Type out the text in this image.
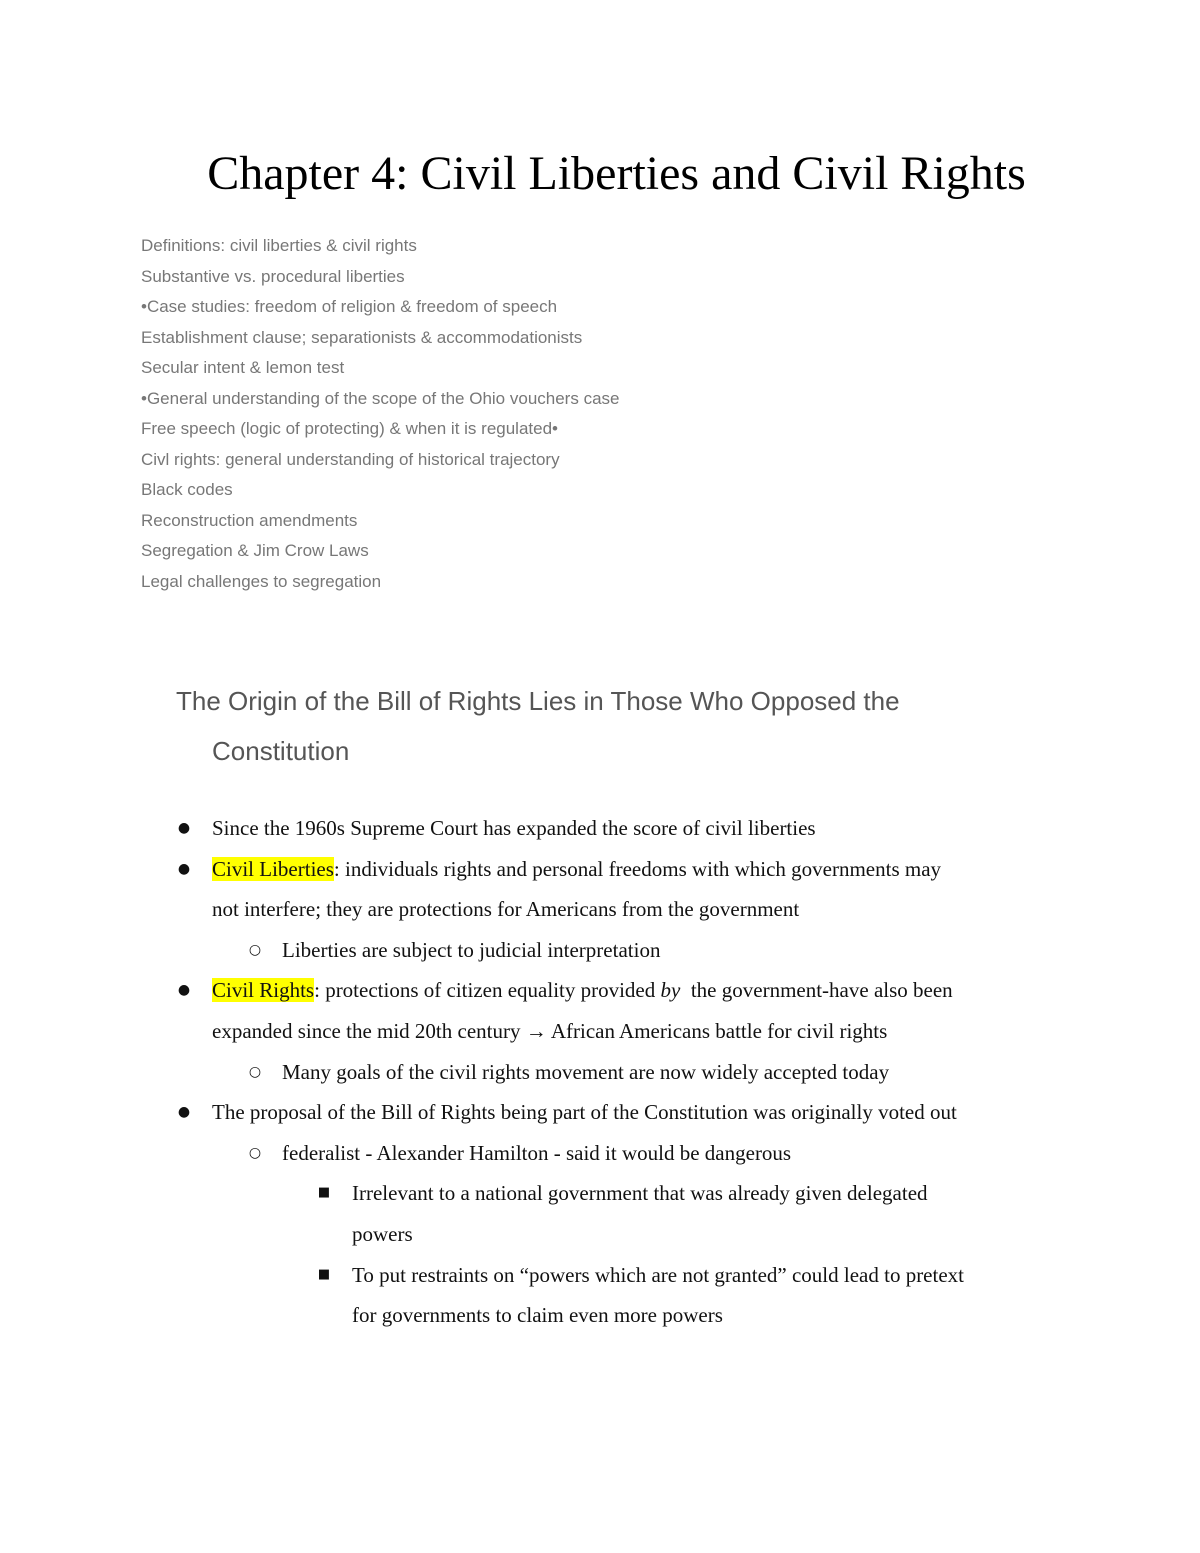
Chapter 4: Civil Liberties and Civil Rights
Definitions: civil liberties & civil rights
Substantive vs. procedural liberties
•Case studies: freedom of religion & freedom of speech
Establishment clause; separationists & accommodationists
Secular intent & lemon test
•General understanding of the scope of the Ohio vouchers case
Free speech (logic of protecting) & when it is regulated•
Civl rights: general understanding of historical trajectory
Black codes
Reconstruction amendments
Segregation & Jim Crow Laws
Legal challenges to segregation
The Origin of the Bill of Rights Lies in Those Who Opposed the
Constitution
● Since the 1960s Supreme Court has expanded the score of civil liberties
● Civil Liberties: individuals rights and personal freedoms with which governments may
not interfere; they are protections for Americans from the government
○ Liberties are subject to judicial interpretation
● Civil Rights: protections of citizen equality provided by  the government-have also been
expanded since the mid 20th century → African Americans battle for civil rights
○ Many goals of the civil rights movement are now widely accepted today
● The proposal of the Bill of Rights being part of the Constitution was originally voted out
○ federalist - Alexander Hamilton - said it would be dangerous
■ Irrelevant to a national government that was already given delegated
powers
■ To put restraints on “powers which are not granted” could lead to pretext
for governments to claim even more powers
